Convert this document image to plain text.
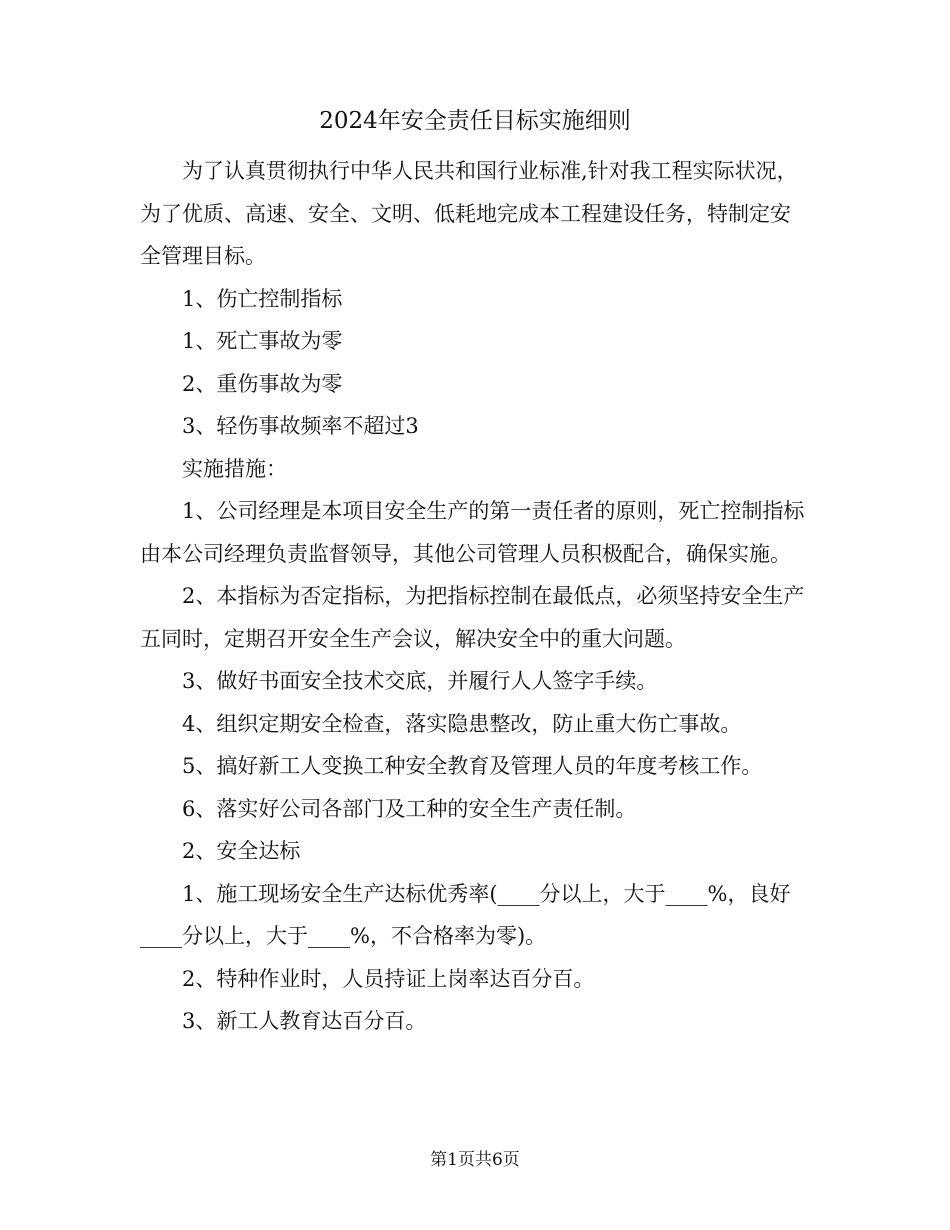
2024年安全责任目标实施细则

为了认真贯彻执行中华人民共和国行业标准,针对我工程实际状况，为了优质、高速、安全、文明、低耗地完成本工程建设任务，特制定安全管理目标。

1、伤亡控制指标

1、死亡事故为零

2、重伤事故为零

3、轻伤事故频率不超过3

实施措施：

1、公司经理是本项目安全生产的第一责任者的原则，死亡控制指标由本公司经理负责监督领导，其他公司管理人员积极配合，确保实施。

2、本指标为否定指标，为把指标控制在最低点，必须坚持安全生产五同时，定期召开安全生产会议，解决安全中的重大问题。

3、做好书面安全技术交底，并履行人人签字手续。

4、组织定期安全检查，落实隐患整改，防止重大伤亡事故。

5、搞好新工人变换工种安全教育及管理人员的年度考核工作。

6、落实好公司各部门及工种的安全生产责任制。

2、安全达标

1、施工现场安全生产达标优秀率(____分以上，大于____%，良好____分以上，大于____%，不合格率为零)。

2、特种作业时，人员持证上岗率达百分百。

3、新工人教育达百分百。

第1页共6页
